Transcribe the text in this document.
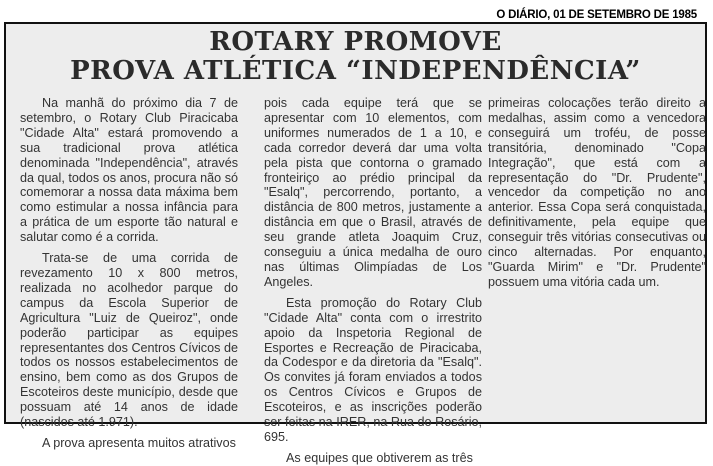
O DIÁRIO, 01 DE SETEMBRO DE 1985
ROTARY PROMOVE
PROVA ATLÉTICA “INDEPENDÊNCIA”

Na manhã do próximo dia 7 de setembro, o Rotary Club Piracicaba "Cidade Alta" estará promovendo a sua tradicional prova atlética denominada "Independência", através da qual, todos os anos, procura não só comemorar a nossa data máxima bem como estimular a nossa infância para a prática de um esporte tão natural e salutar como é a corrida.

Trata-se de uma corrida de revezamento 10 x 800 metros, realizada no acolhedor parque do campus da Escola Superior de Agricultura "Luiz de Queiroz", onde poderão participar as equipes representantes dos Centros Cívicos de todos os nossos estabelecimentos de ensino, bem como as dos Grupos de Escoteiros deste município, desde que possuam até 14 anos de idade (nascidos até 1.971).

A prova apresenta muitos atrativos

pois cada equipe terá que se apresentar com 10 elementos, com uniformes numerados de 1 a 10, e cada corredor deverá dar uma volta pela pista que contorna o gramado fronteiriço ao prédio principal da "Esalq", percorrendo, portanto, a distância de 800 metros, justamente a distância em que o Brasil, através de seu grande atleta Joaquim Cruz, conseguiu a única medalha de ouro nas últimas Olimpíadas de Los Angeles.

Esta promoção do Rotary Club "Cidade Alta" conta com o irrestrito apoio da Inspetoria Regional de Esportes e Recreação de Piracicaba, da Codespor e da diretoria da "Esalq". Os convites já foram enviados a todos os Centros Cívicos e Grupos de Escoteiros, e as inscrições poderão ser feitas na IRER, na Rua do Rosário, 695.

As equipes que obtiverem as três

primeiras colocações terão direito a medalhas, assim como a vencedora conseguirá um troféu, de posse transitória, denominado "Copa Integração", que está com a representação do "Dr. Prudente", vencedor da competição no ano anterior. Essa Copa será conquistada, definitivamente, pela equipe que conseguir três vitórias consecutivas ou cinco alternadas. Por enquanto, "Guarda Mirim" e "Dr. Prudente" possuem uma vitória cada um.
